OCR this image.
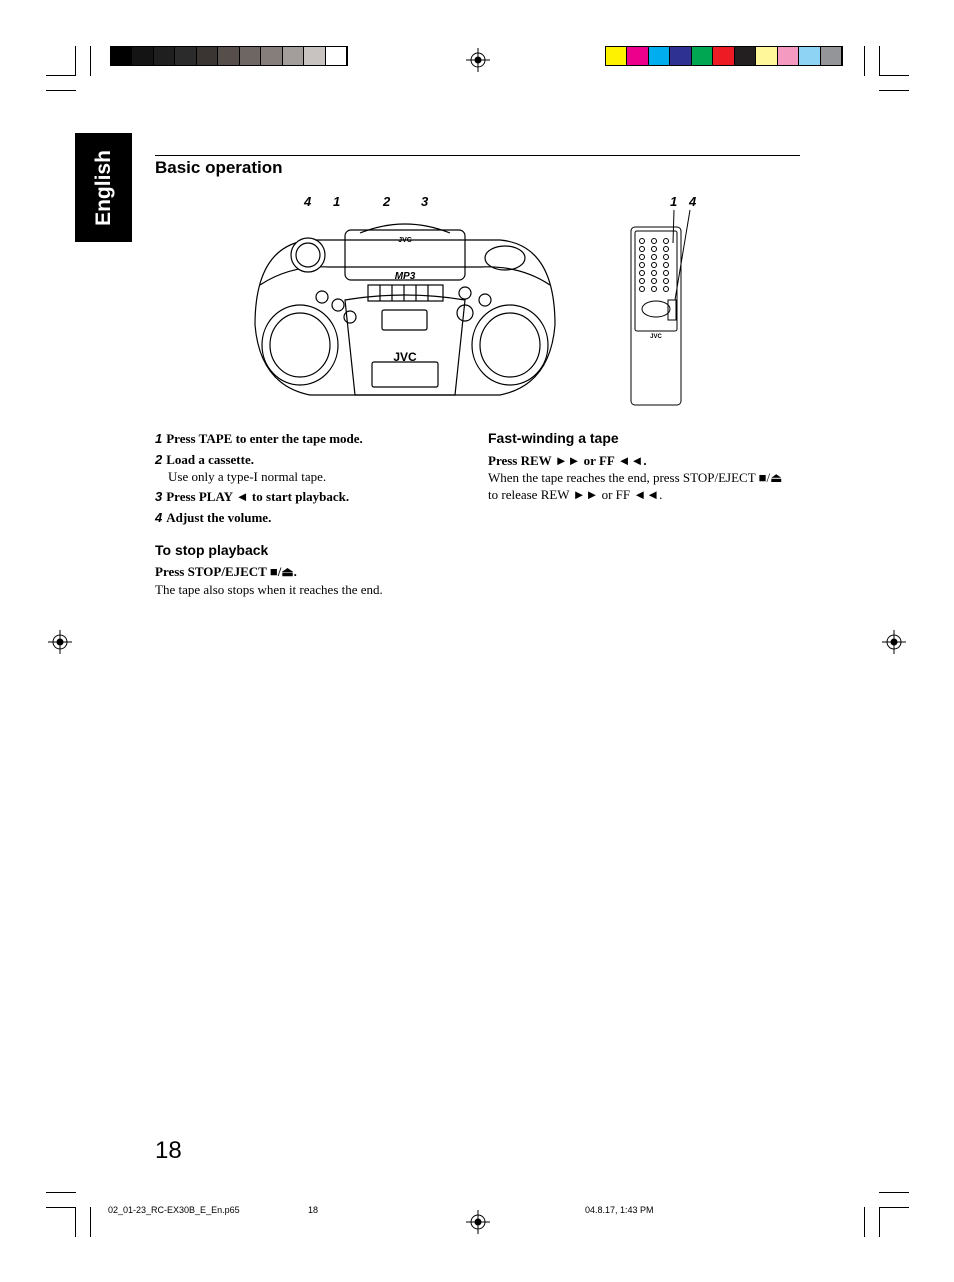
English Basic operation
4 1	2 3	1 4
JVC
MP3
JVC
JVC
1 Press TAPE to enter the tape mode.
2 Load a cassette.
Use only a type-I normal tape.
3 Press PLAY ◄ to start playback.
4 Adjust the volume.
To stop playback
Press STOP/EJECT ■/⏏.
The tape also stops when it reaches the end.
Fast-winding a tape
Press REW ►► or FF ◄◄.
When the tape reaches the end, press STOP/EJECT ■/⏏
to release REW ►► or FF ◄◄.
18
02_01-23_RC-EX30B_E_En.p65	18	04.8.17, 1:43 PM
